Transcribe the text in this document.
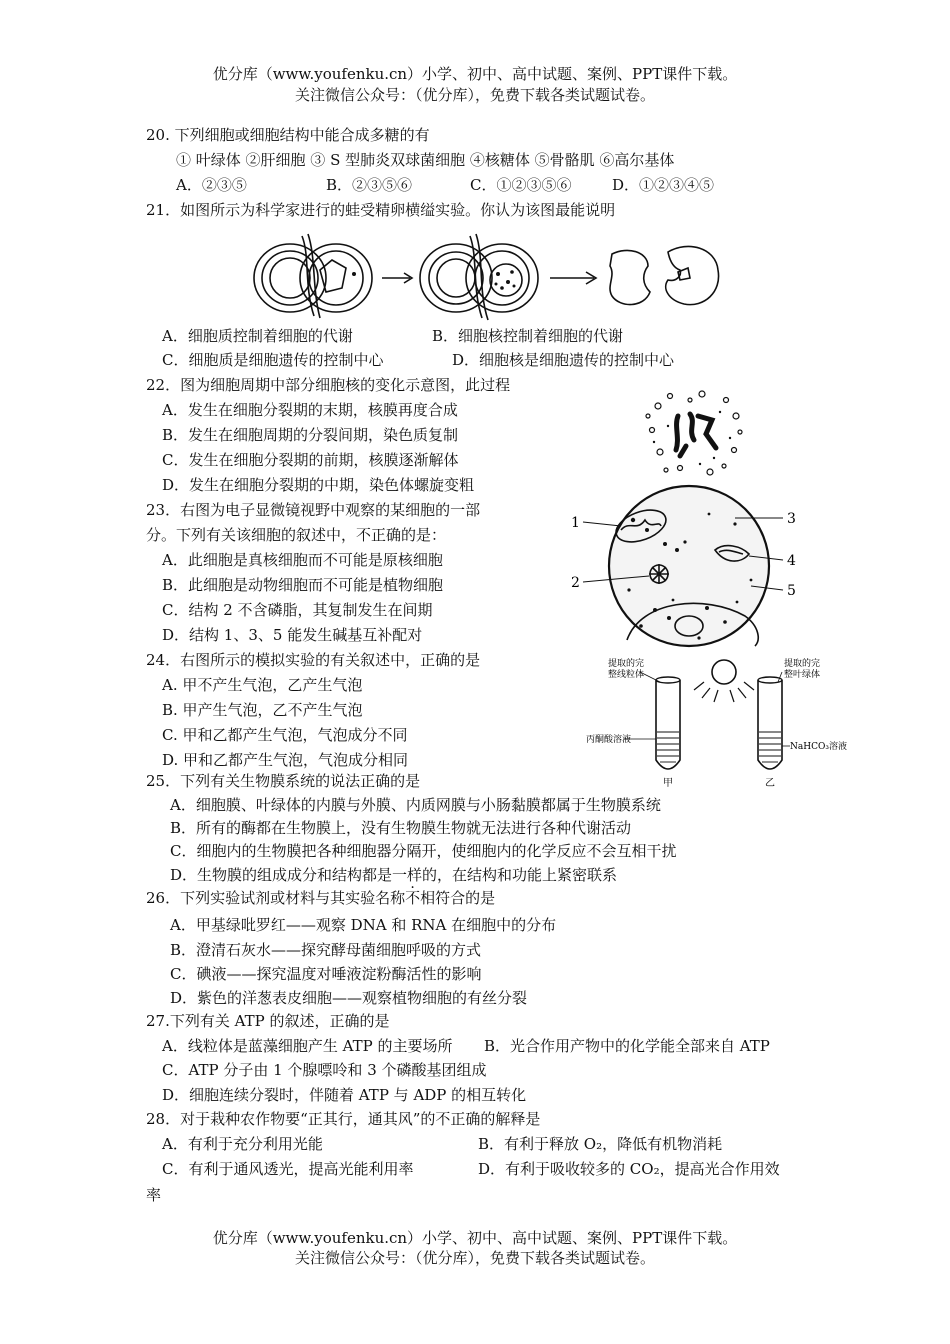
优分库（www.youfenku.cn）小学、初中、高中试题、案例、PPT课件下载。
关注微信公众号：（优分库），免费下载各类试题试卷。
20. 下列细胞或细胞结构中能合成多糖的有
① 叶绿体 ②肝细胞 ③ S 型肺炎双球菌细胞 ④核糖体 ⑤骨骼肌 ⑥高尔基体
A．②③⑤	B．②③⑤⑥	C．①②③⑤⑥	D．①②③④⑤
21．如图所示为科学家进行的蛙受精卵横缢实验。你认为该图最能说明
A．细胞质控制着细胞的代谢	B．细胞核控制着细胞的代谢
C．细胞质是细胞遗传的控制中心	D．细胞核是细胞遗传的控制中心
22．图为细胞周期中部分细胞核的变化示意图，此过程
A．发生在细胞分裂期的末期，核膜再度合成
B．发生在细胞周期的分裂间期，染色质复制
C．发生在细胞分裂期的前期，核膜逐渐解体
D．发生在细胞分裂期的中期，染色体螺旋变粗
23．右图为电子显微镜视野中观察的某细胞的一部
分。下列有关该细胞的叙述中，不正确的是：
A．此细胞是真核细胞而不可能是原核细胞
B．此细胞是动物细胞而不可能是植物细胞
C．结构 2 不含磷脂，其复制发生在间期
D．结构 1、3、5 能发生碱基互补配对
1
2
3
4
5
24．右图所示的模拟实验的有关叙述中，正确的是
A. 甲不产生气泡，乙产生气泡
B. 甲产生气泡，乙不产生气泡
C. 甲和乙都产生气泡，气泡成分不同
D. 甲和乙都产生气泡，气泡成分相同
提取的完
整线粒体
提取的完
整叶绿体
丙酮酸溶液
NaHCO₃溶液
甲	乙
25．下列有关生物膜系统的说法正确的是
A．细胞膜、叶绿体的内膜与外膜、内质网膜与小肠黏膜都属于生物膜系统
B．所有的酶都在生物膜上，没有生物膜生物就无法进行各种代谢活动
C．细胞内的生物膜把各种细胞器分隔开，使细胞内的化学反应不会互相干扰
D．生物膜的组成成分和结构都是一样的，在结构和功能上紧密联系
26．下列实验试剂或材料与其实验名称不相符合的是
A．甲基绿吡罗红——观察 DNA 和 RNA 在细胞中的分布
B．澄清石灰水——探究酵母菌细胞呼吸的方式
C．碘液——探究温度对唾液淀粉酶活性的影响
D．紫色的洋葱表皮细胞——观察植物细胞的有丝分裂
27.下列有关 ATP 的叙述，正确的是
A．线粒体是蓝藻细胞产生 ATP 的主要场所 B．光合作用产物中的化学能全部来自 ATP
C．ATP 分子由 1 个腺嘌呤和 3 个磷酸基团组成
D．细胞连续分裂时，伴随着 ATP 与 ADP 的相互转化
28．对于栽种农作物要“正其行，通其风”的不正确的解释是
A．有利于充分利用光能	B．有利于释放 O₂，降低有机物消耗
C．有利于通风透光，提高光能利用率	D．有利于吸收较多的 CO₂，提高光合作用效
率
优分库（www.youfenku.cn）小学、初中、高中试题、案例、PPT课件下载。
关注微信公众号：（优分库），免费下载各类试题试卷。
